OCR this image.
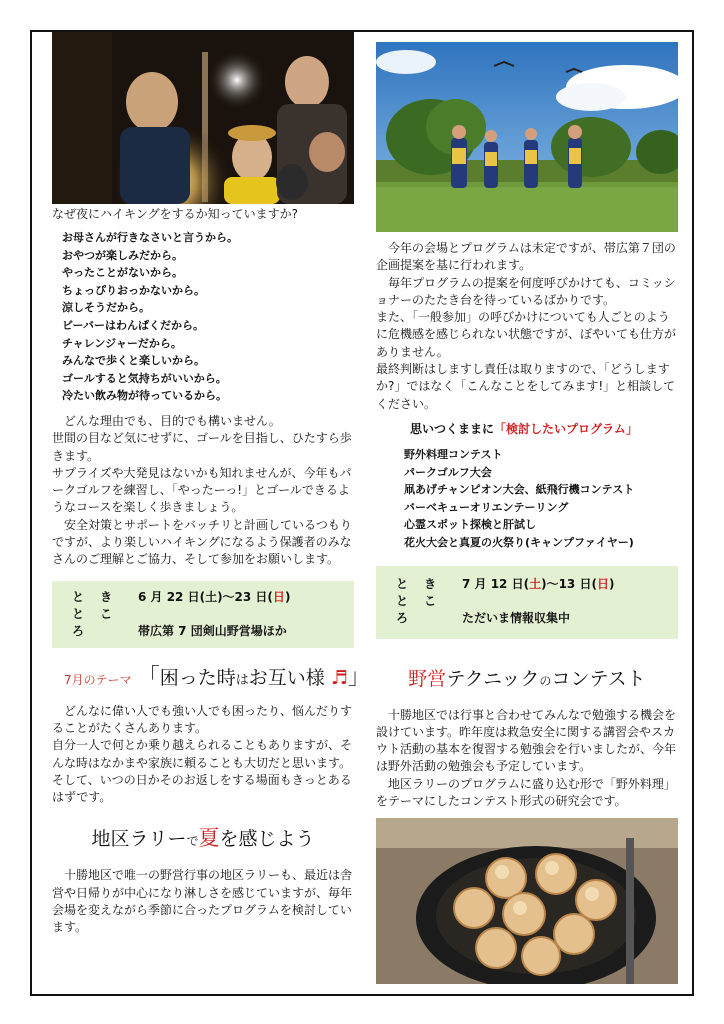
なぜ夜にハイキングをするか知っていますか?

お母さんが行きなさいと言うから。
おやつが楽しみだから。
やったことがないから。
ちょっぴりおっかないから。
涼しそうだから。
ビーバーはわんぱくだから。
チャレンジャーだから。
みんなで歩くと楽しいから。
ゴールすると気持ちがいいから。
冷たい飲み物が待っているから。

どんな理由でも、目的でも構いません。

世間の目など気にせずに、ゴールを目指し、ひたすら歩きます。

サプライズや大発見はないかも知れませんが、今年もパークゴルフを練習し、「やったーっ!」とゴールできるようなコースを楽しく歩きましょう。

安全対策とサポートをバッチリと計画しているつもりですが、より楽しいハイキングになるよう保護者のみなさんのご理解とご協力、そして参加をお願いします。

と き 6 月 22 日(土)〜23 日(日)
と こ ろ	帯広第 7 団剣山野営場ほか
7月のテーマ 「困った時はお互い様 ♬」

どんなに偉い人でも強い人でも困ったり、悩んだりすることがたくさんあります。

自分一人で何とか乗り越えられることもありますが、そんな時はなかまや家族に頼ることも大切だと思います。

そして、いつの日かそのお返しをする場面もきっとあるはずです。

地区ラリーで夏を感じよう

十勝地区で唯一の野営行事の地区ラリーも、最近は舎営や日帰りが中心になり淋しさを感じていますが、毎年会場を変えながら季節に合ったプログラムを検討しています。

今年の会場とプログラムは未定ですが、帯広第７団の企画提案を基に行われます。

毎年プログラムの提案を何度呼びかけても、コミッショナーのたたき台を待っているばかりです。

また、「一般参加」の呼びかけについても人ごとのように危機感を感じられない状態ですが、ぼやいても仕方がありません。

最終判断はしますし責任は取りますので、「どうしますか?」ではなく「こんなことをしてみます!」と相談してください。

思いつくままに「検討したいプログラム」
野外料理コンテスト
パークゴルフ大会
凧あげチャンピオン大会、紙飛行機コンテスト
バーベキューオリエンテーリング
心霊スポット探検と肝試し
花火大会と真夏の火祭り(キャンプファイヤー)
と き 7 月 12 日(土)〜13 日(日)
と こ ろ	ただいま情報収集中
野営テクニックのコンテスト

十勝地区では行事と合わせてみんなで勉強する機会を設けています。昨年度は救急安全に関する講習会やスカウト活動の基本を復習する勉強会を行いましたが、今年は野外活動の勉強会も予定しています。

地区ラリーのプログラムに盛り込む形で「野外料理」をテーマにしたコンテスト形式の研究会です。
